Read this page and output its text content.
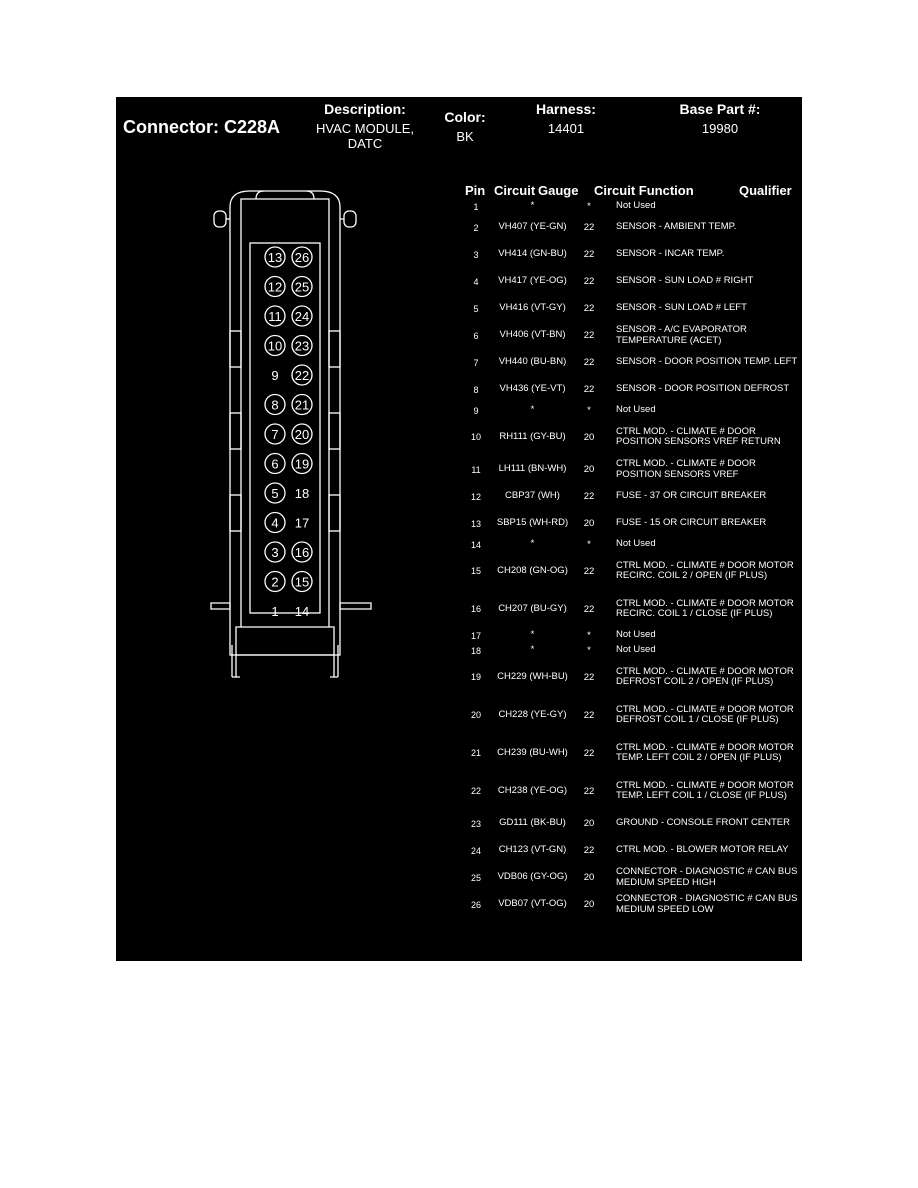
Connector: C228A
Description:
HVAC MODULE, DATC
Color:
BK
Harness:
14401
Base Part #:
19980
Pin Circuit Gauge Circuit Function	Qualifier
1	*	*	Not Used
2	VH407 (YE-GN)	22	SENSOR - AMBIENT TEMP.
3	VH414 (GN-BU)	22	SENSOR - INCAR TEMP.
4	VH417 (YE-OG)	22	SENSOR - SUN LOAD # RIGHT
5	VH416 (VT-GY)	22	SENSOR - SUN LOAD # LEFT
6	VH406 (VT-BN)	22
SENSOR - A/C EVAPORATOR TEMPERATURE (ACET)
7	VH440 (BU-BN)	22	SENSOR - DOOR POSITION TEMP. LEFT
8	VH436 (YE-VT)	22	SENSOR - DOOR POSITION DEFROST
9	*	*	Not Used
10	RH111 (GY-BU)	20
CTRL MOD. - CLIMATE # DOOR POSITION SENSORS VREF RETURN
11	LH111 (BN-WH)	20
CTRL MOD. - CLIMATE # DOOR POSITION SENSORS VREF
12	CBP37 (WH)	22	FUSE - 37 OR CIRCUIT BREAKER
13	SBP15 (WH-RD)	20	FUSE - 15 OR CIRCUIT BREAKER
14	*	*	Not Used
15	CH208 (GN-OG)	22
CTRL MOD. - CLIMATE # DOOR MOTOR RECIRC. COIL 2 / OPEN (IF PLUS)
16	CH207 (BU-GY)	22
CTRL MOD. - CLIMATE # DOOR MOTOR RECIRC. COIL 1 / CLOSE (IF PLUS)
17	*	*	Not Used
18	*	*	Not Used
19	CH229 (WH-BU)	22
CTRL MOD. - CLIMATE # DOOR MOTOR DEFROST COIL 2 / OPEN (IF PLUS)
20	CH228 (YE-GY)	22
CTRL MOD. - CLIMATE # DOOR MOTOR DEFROST COIL 1 / CLOSE (IF PLUS)
21	CH239 (BU-WH)	22
CTRL MOD. - CLIMATE # DOOR MOTOR TEMP. LEFT COIL 2 / OPEN (IF PLUS)
22	CH238 (YE-OG)	22
CTRL MOD. - CLIMATE # DOOR MOTOR TEMP. LEFT COIL 1 / CLOSE (IF PLUS)
23	GD111 (BK-BU)	20	GROUND - CONSOLE FRONT CENTER
24	CH123 (VT-GN)	22	CTRL MOD. - BLOWER MOTOR RELAY
25	VDB06 (GY-OG)	20
CONNECTOR - DIAGNOSTIC # CAN BUS MEDIUM SPEED HIGH
26	VDB07 (VT-OG)	20
CONNECTOR - DIAGNOSTIC # CAN BUS MEDIUM SPEED LOW
13
12
11
10
9
8
7
6
5
4
3
2
1
26
25
24
23
22
21
20
19
18
17
16
15
14
